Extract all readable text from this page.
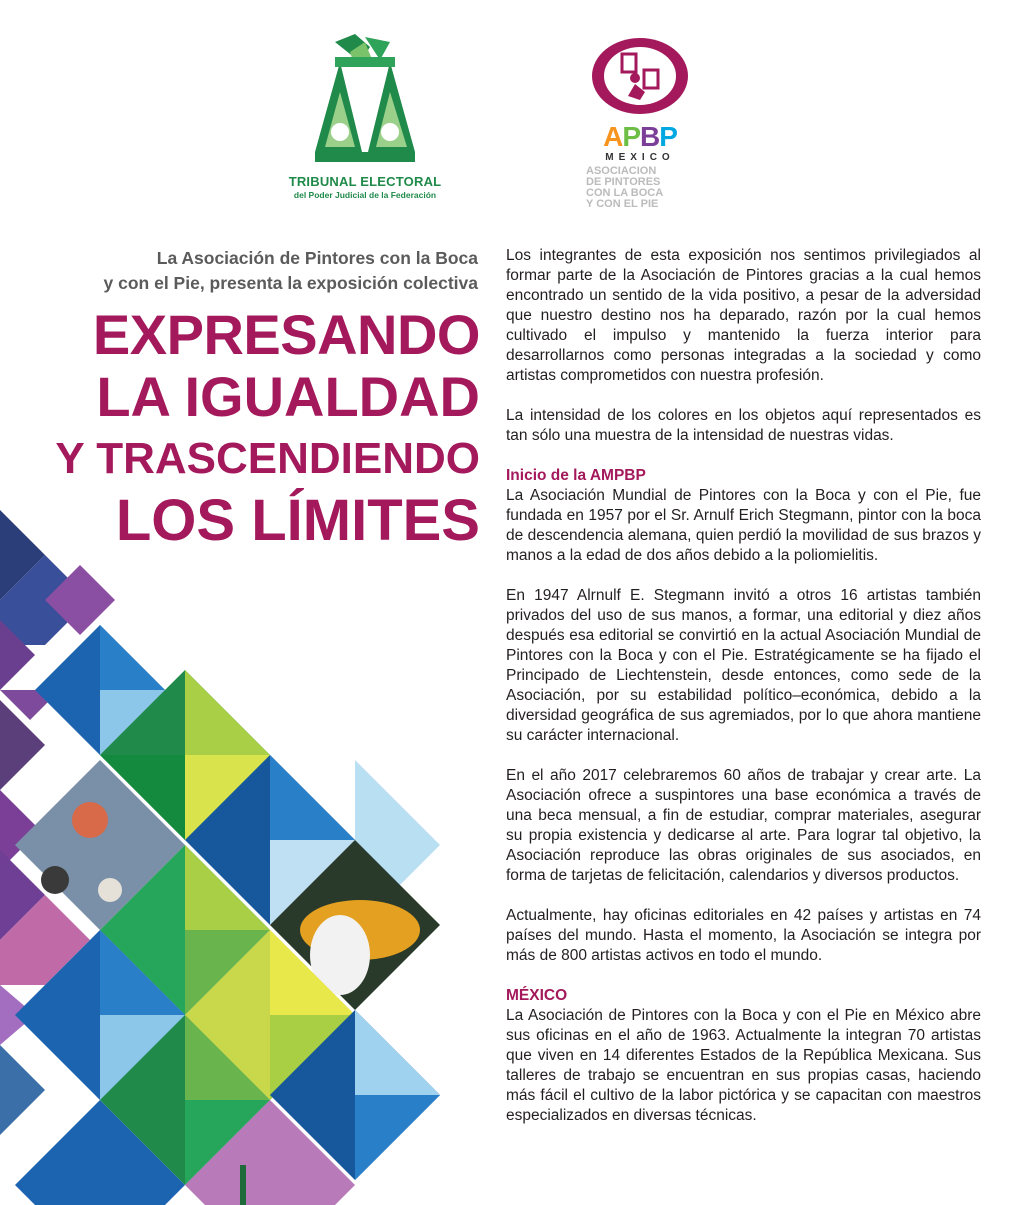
TRIBUNAL ELECTORAL
del Poder Judicial de la Federación
APBP
MEXICO
ASOCIACION
DE PINTORES
CON LA BOCA
Y CON EL PIE
La Asociación de Pintores con la Boca
y con el Pie, presenta la exposición colectiva
EXPRESANDO
LA IGUALDAD
Y TRASCENDIENDO
LOS LÍMITES

Los integrantes de esta exposición nos sentimos privilegiados al formar parte de la Asociación de Pintores gracias a la cual hemos encontrado un sentido de la vida positivo, a pesar de la adversidad que nuestro destino nos ha deparado, razón por la cual hemos cultivado el impulso y mantenido la fuerza interior para desarrollarnos como personas integradas a la sociedad y como artistas comprometidos con nuestra profesión.

La intensidad de los colores en los objetos aquí representados es tan sólo una muestra de la intensidad de nuestras vidas.

Inicio de la AMPBP

La Asociación Mundial de Pintores con la Boca y con el Pie, fue fundada en 1957 por el Sr. Arnulf Erich Stegmann, pintor con la boca de descendencia alemana, quien perdió la movilidad de sus brazos y manos a la edad de dos años debido a la poliomielitis.

En 1947 Alrnulf E. Stegmann invitó a otros 16 artistas también privados del uso de sus manos, a formar, una editorial y diez años después esa editorial se convirtió en la actual Asociación Mundial de Pintores con la Boca y con el Pie. Estratégicamente se ha fijado el Principado de Liechtenstein, desde entonces, como sede de la Asociación, por su estabilidad político–económica, debido a la diversidad geográfica de sus agremiados, por lo que ahora mantiene su carácter internacional.

En el año 2017 celebraremos 60 años de trabajar y crear arte. La Asociación ofrece a suspintores una base económica a través de una beca mensual, a fin de estudiar, comprar materiales, asegurar su propia existencia y dedicarse al arte. Para lograr tal objetivo, la Asociación reproduce las obras originales de sus asociados, en forma de tarjetas de felicitación, calendarios y diversos productos.

Actualmente, hay oficinas editoriales en 42 países y artistas en 74 países del mundo. Hasta el momento, la Asociación se integra por más de 800 artistas activos en todo el mundo.

MÉXICO

La Asociación de Pintores con la Boca y con el Pie en México abre sus oficinas en el año de 1963. Actualmente la integran 70 artistas que viven en 14 diferentes Estados de la República Mexicana. Sus talleres de trabajo se encuentran en sus propias casas, haciendo más fácil el cultivo de la labor pictórica y se capacitan con maestros especializados en diversas técnicas.
